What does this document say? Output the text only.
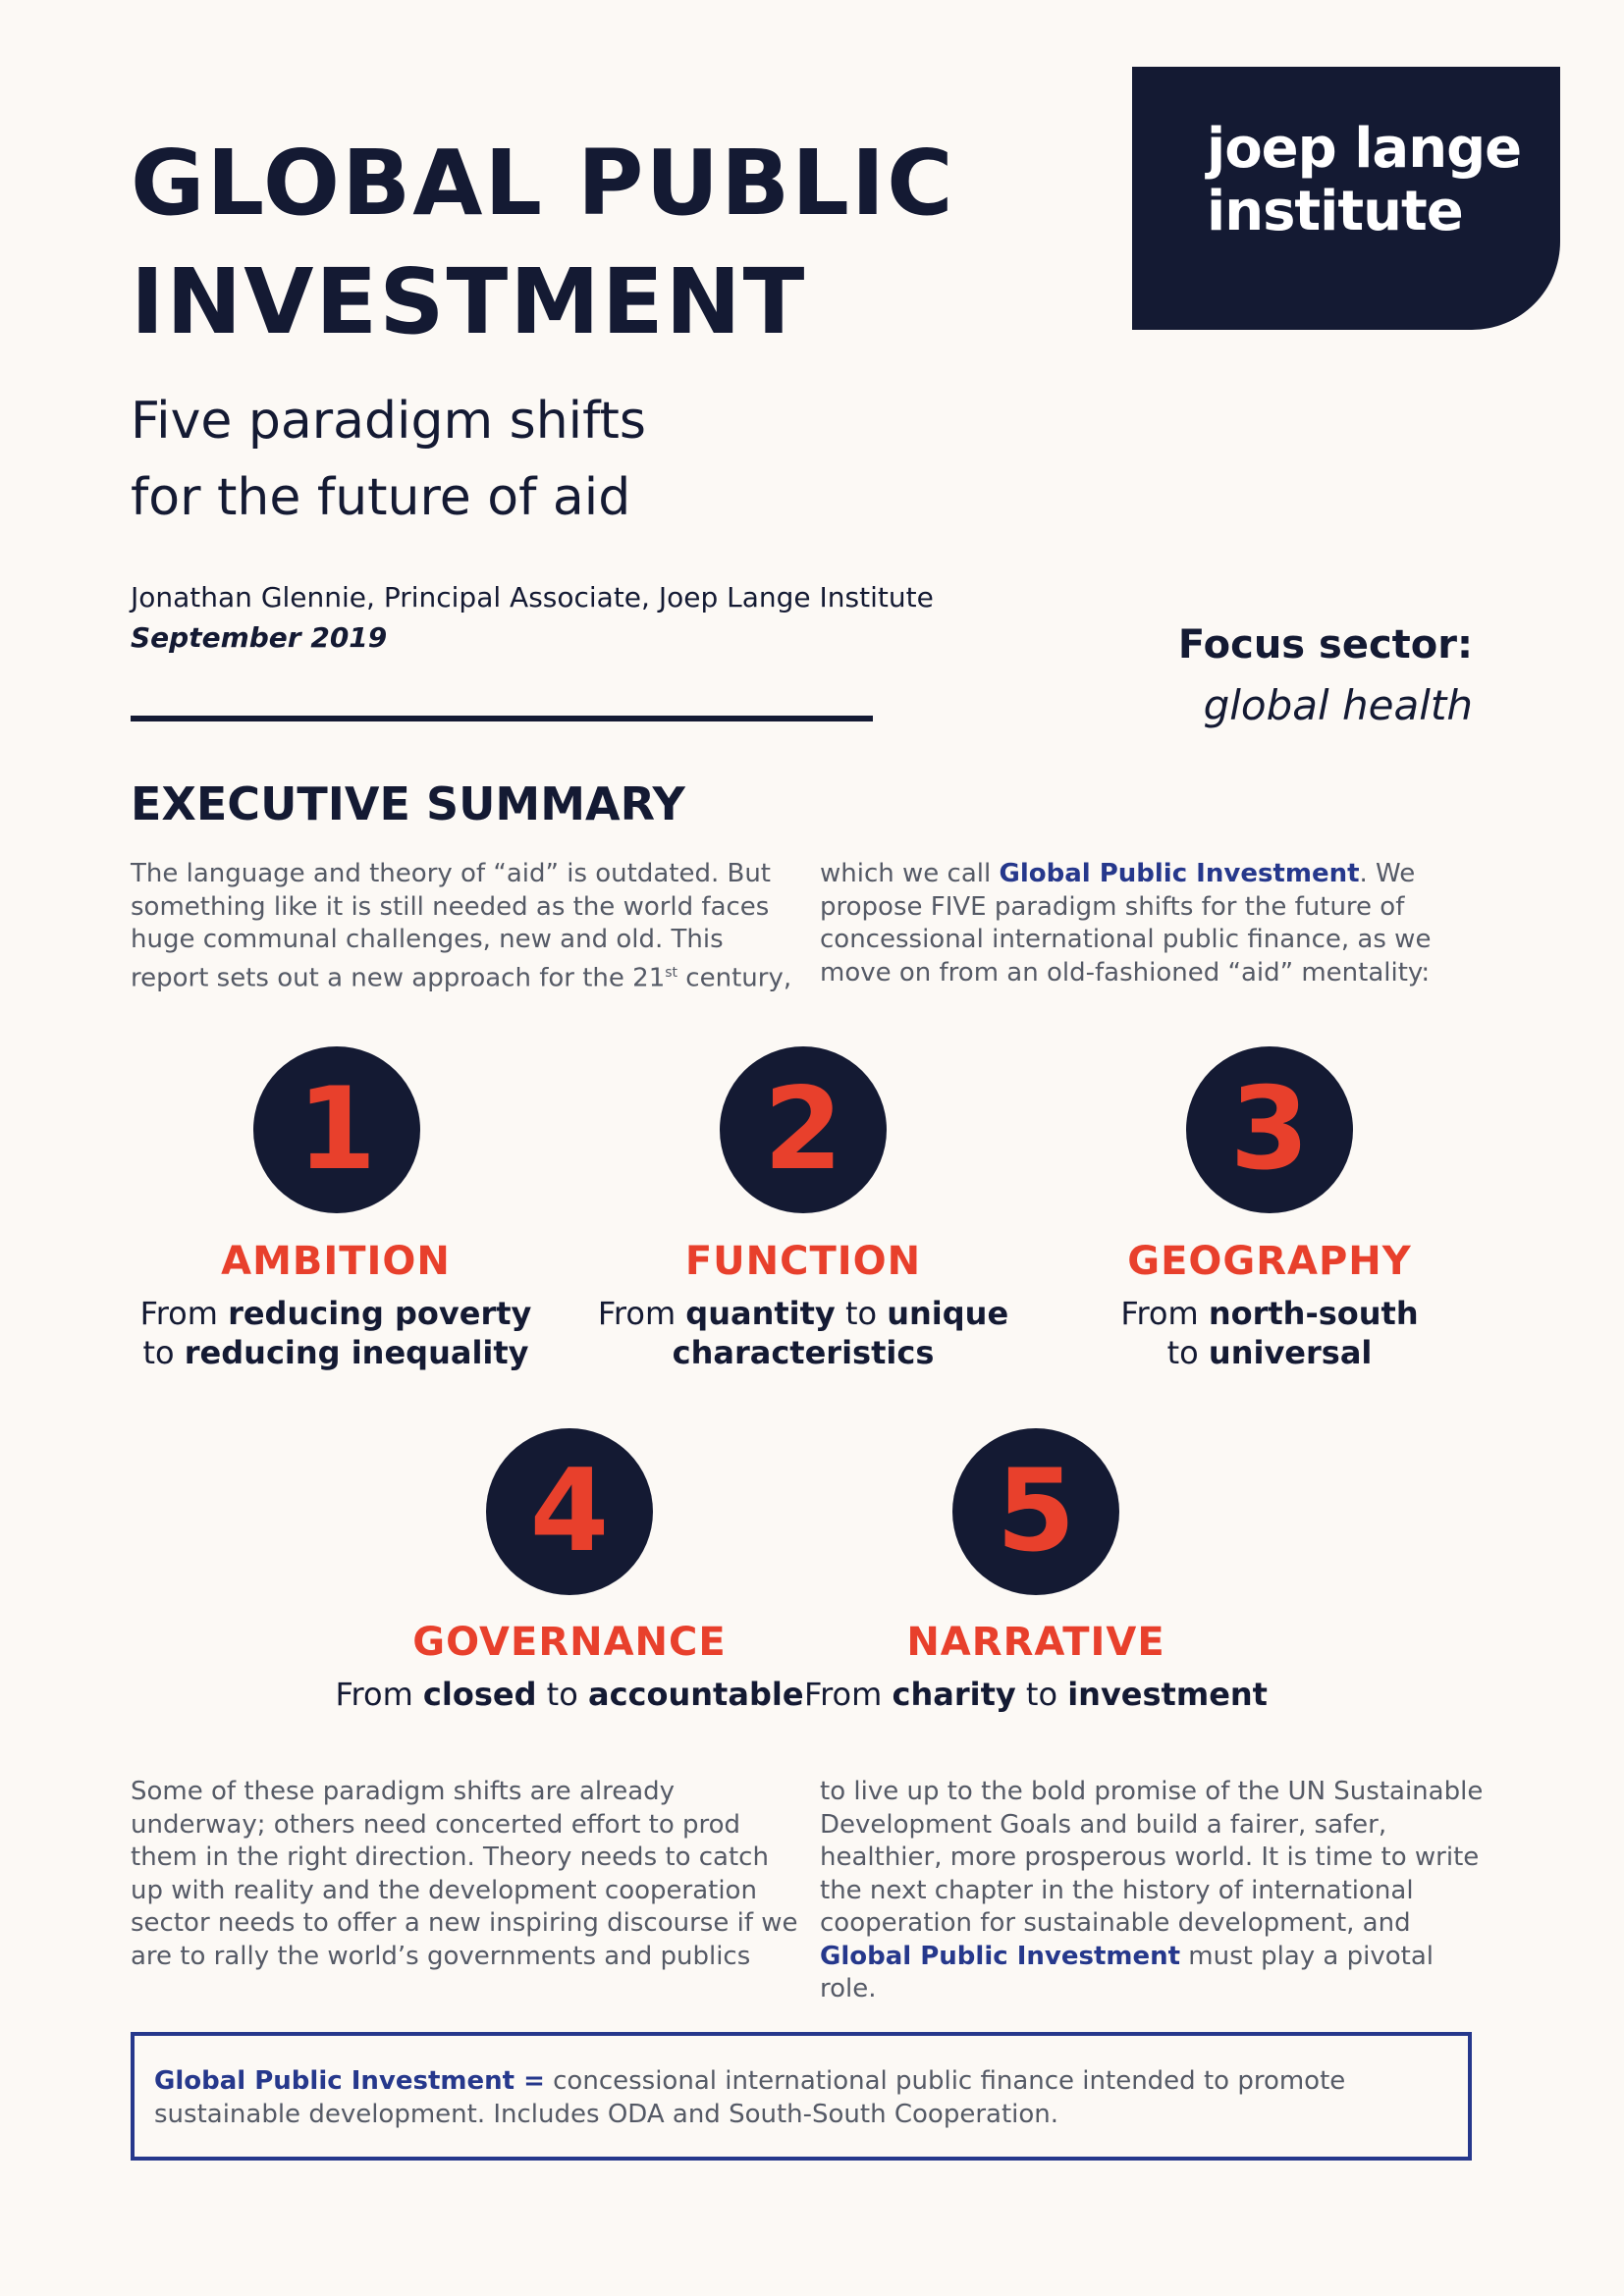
GLOBAL PUBLIC
INVESTMENT
Five paradigm shifts
for the future of aid
Jonathan Glennie, Principal Associate, Joep Lange Institute
September 2019
joep lange
institute
Focus sector:
global health
EXECUTIVE SUMMARY

The language and theory of “aid” is outdated. But something like it is still needed as the world faces huge communal challenges, new and old. This report sets out a new approach for the 21st century,

which we call Global Public Investment. We propose FIVE paradigm shifts for the future of concessional international public finance, as we move on from an old-fashioned “aid” mentality:

1
AMBITION
From reducing poverty
to reducing inequality
2
FUNCTION
From quantity to unique
characteristics
3
GEOGRAPHY
From north-south
to universal
4
GOVERNANCE
From closed to accountable
5
NARRATIVE
From charity to investment

Some of these paradigm shifts are already underway; others need concerted effort to prod them in the right direction. Theory needs to catch up with reality and the development cooperation sector needs to offer a new inspiring discourse if we are to rally the world’s governments and publics

to live up to the bold promise of the UN Sustainable Development Goals and build a fairer, safer, healthier, more prosperous world. It is time to write the next chapter in the history of international cooperation for sustainable development, and Global Public Investment must play a pivotal role.

Global Public Investment = concessional international public finance intended to promote sustainable development. Includes ODA and South-South Cooperation.
